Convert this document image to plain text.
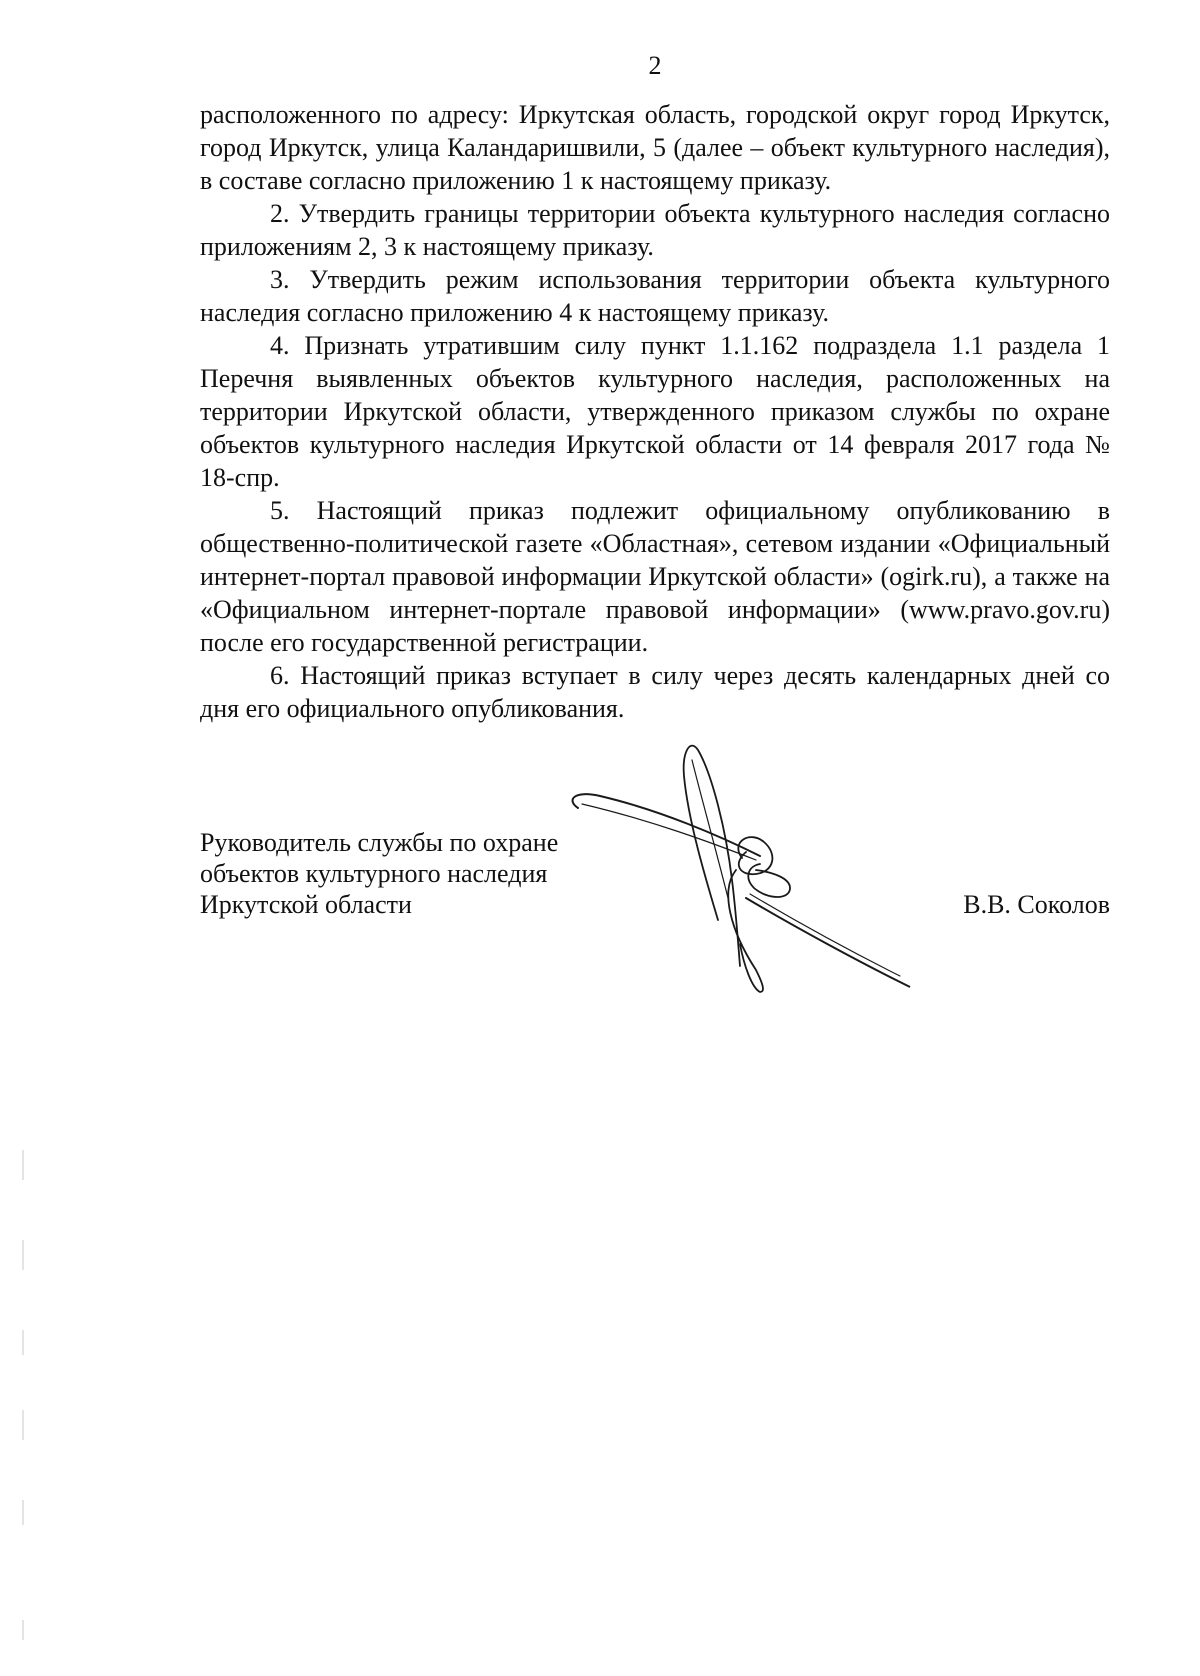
2

расположенного по адресу: Иркутская область, городской округ город Иркутск, город Иркутск, улица Каландаришвили, 5 (далее – объект культурного наследия), в составе согласно приложению 1 к настоящему приказу.

2. Утвердить границы территории объекта культурного наследия согласно приложениям 2, 3 к настоящему приказу.

3. Утвердить режим использования территории объекта культурного наследия согласно приложению 4 к настоящему приказу.

4. Признать утратившим силу пункт 1.1.162 подраздела 1.1 раздела 1 Перечня выявленных объектов культурного наследия, расположенных на территории Иркутской области, утвержденного приказом службы по охране объектов культурного наследия Иркутской области от 14 февраля 2017 года № 18-спр.

5. Настоящий приказ подлежит официальному опубликованию в общественно-политической газете «Областная», сетевом издании «Официальный интернет-портал правовой информации Иркутской области» (ogirk.ru), а также на «Официальном интернет-портале правовой информации» (www.pravo.gov.ru) после его государственной регистрации.

6. Настоящий приказ вступает в силу через десять календарных дней со дня его официального опубликования.

Руководитель службы по охране
объектов культурного наследия
Иркутской области	В.В. Соколов
